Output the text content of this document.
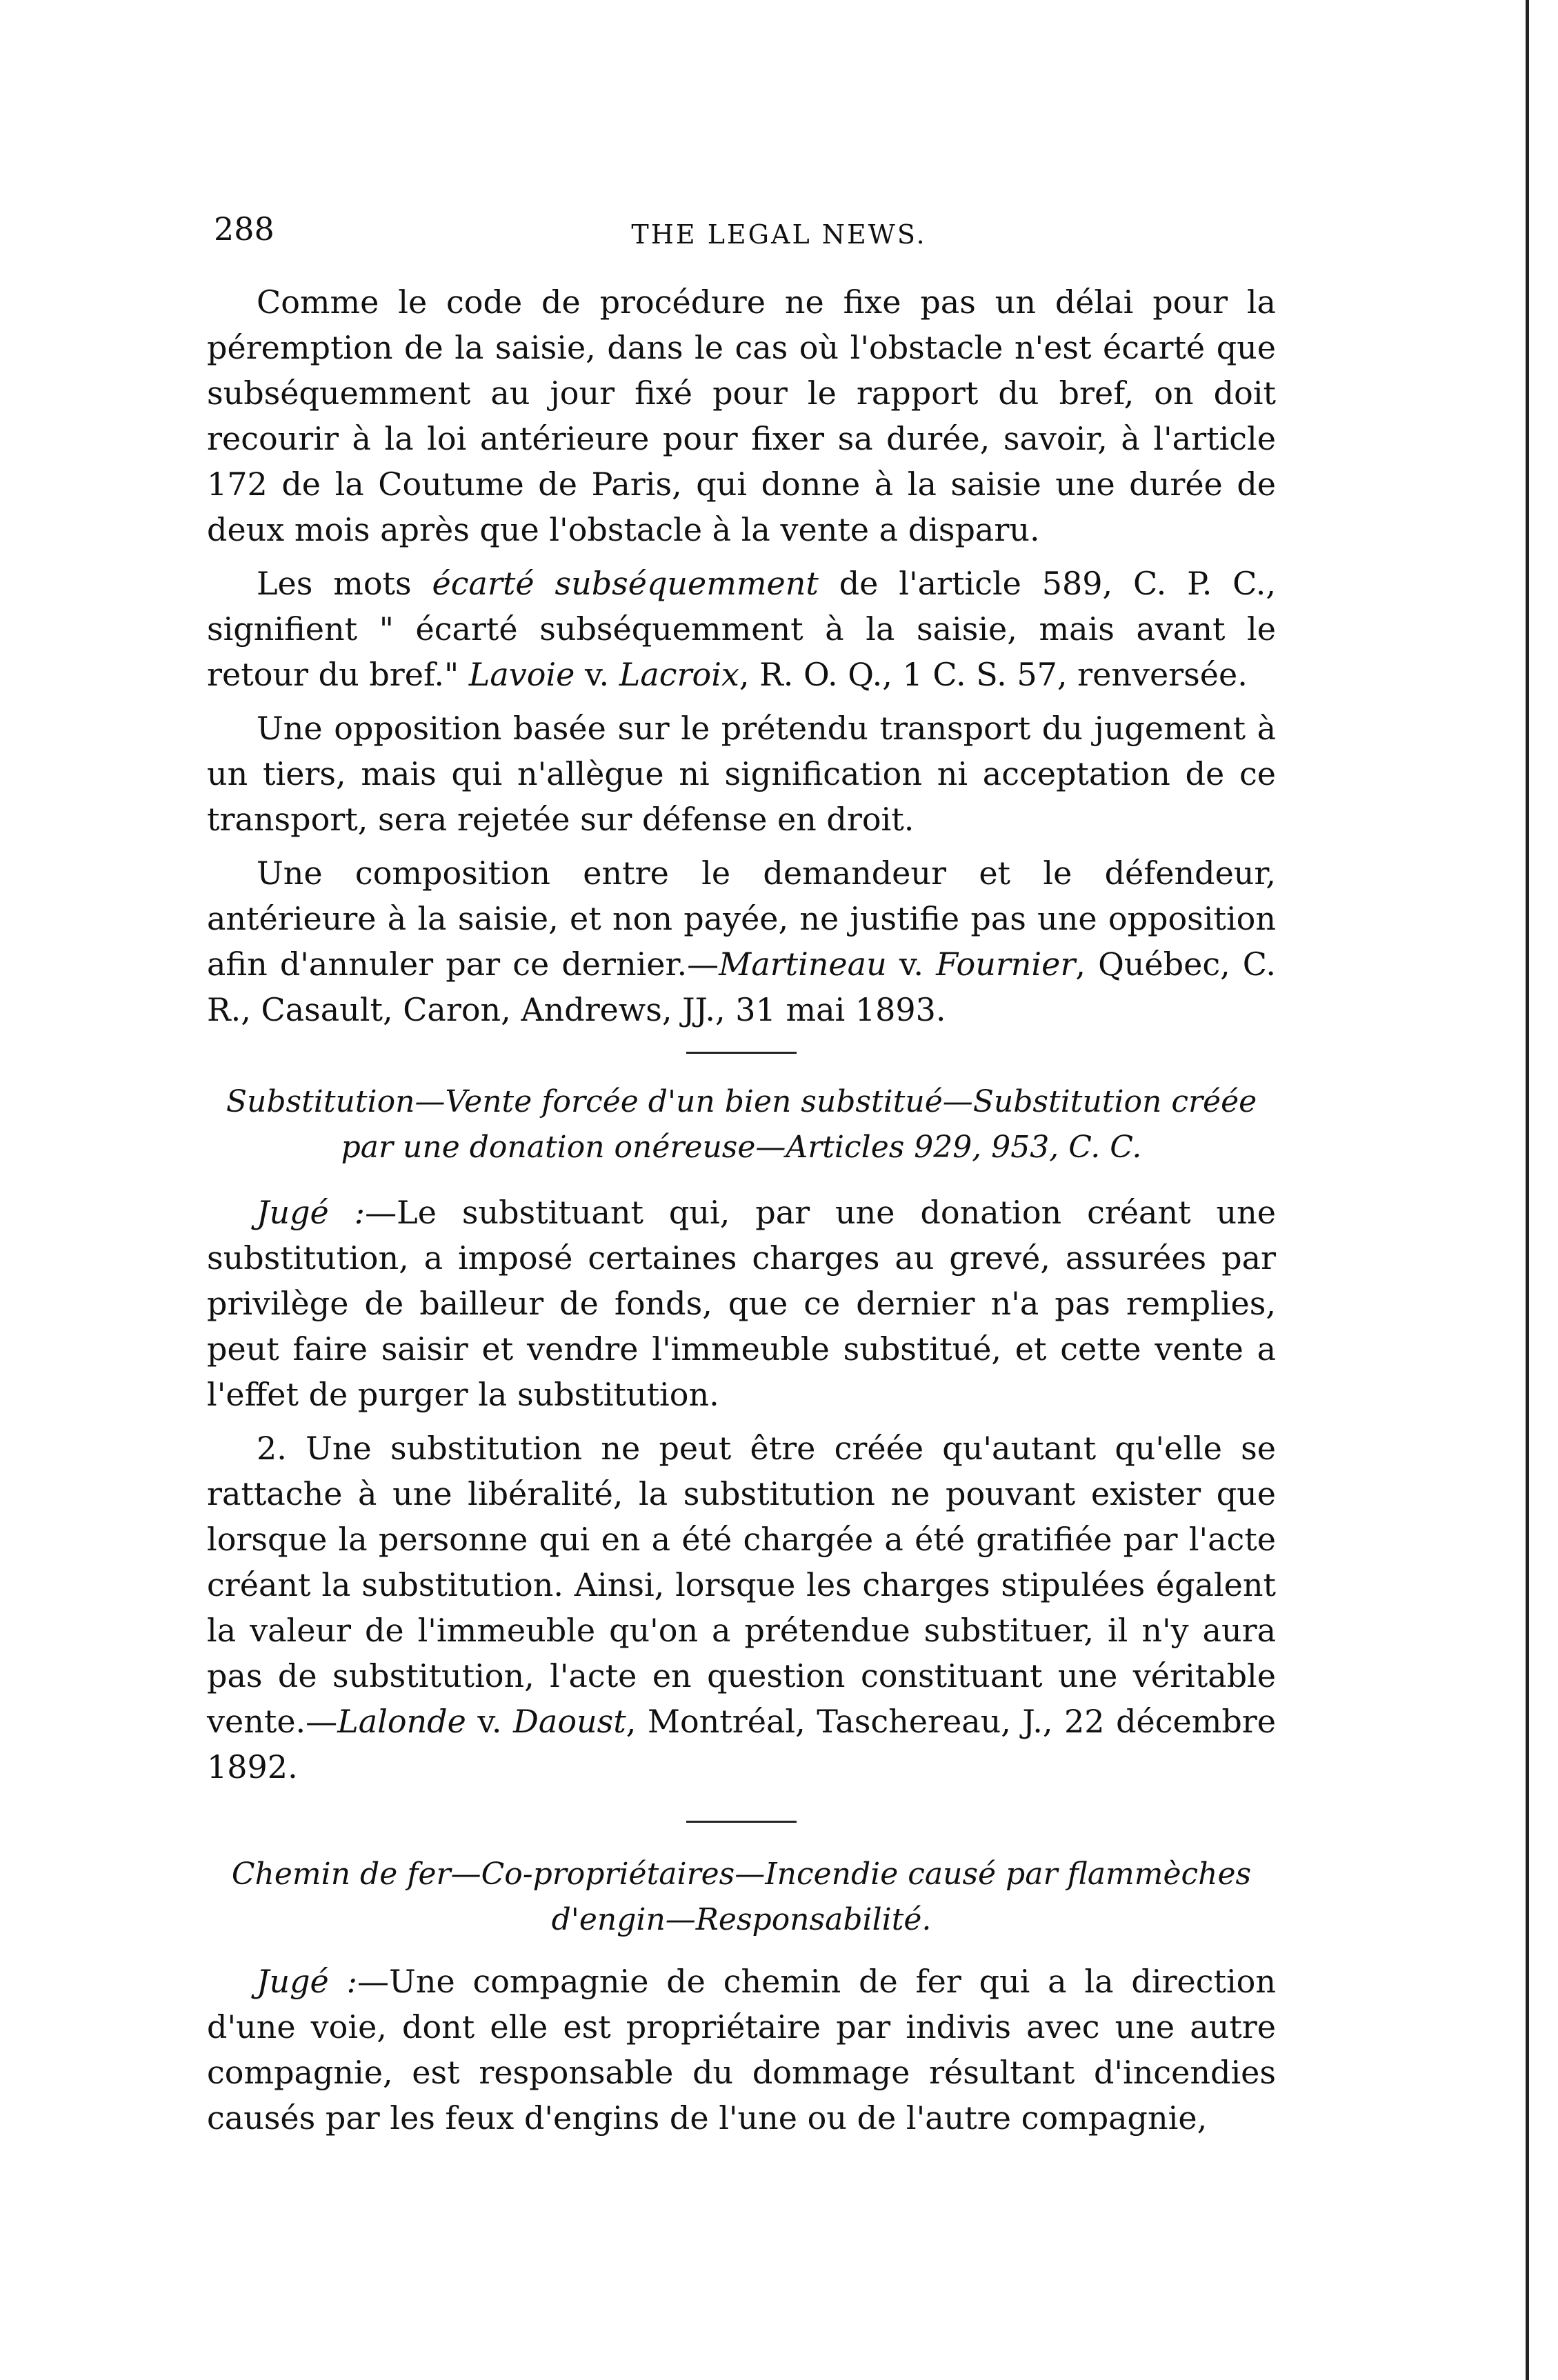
288	THE LEGAL NEWS.

Comme le code de procédure ne fixe pas un délai pour la péremption de la saisie, dans le cas où l'obstacle n'est écarté que subséquemment au jour fixé pour le rapport du bref, on doit recourir à la loi antérieure pour fixer sa durée, savoir, à l'article 172 de la Coutume de Paris, qui donne à la saisie une durée de deux mois après que l'obstacle à la vente a disparu.

Les mots écarté subséquemment de l'article 589, C. P. C., signifient " écarté subséquemment à la saisie, mais avant le retour du bref." Lavoie v. Lacroix, R. O. Q., 1 C. S. 57, renversée.

Une opposition basée sur le prétendu transport du jugement à un tiers, mais qui n'allègue ni signification ni acceptation de ce transport, sera rejetée sur défense en droit.

Une composition entre le demandeur et le défendeur, antérieure à la saisie, et non payée, ne justifie pas une opposition afin d'annuler par ce dernier.—Martineau v. Fournier, Québec, C. R., Casault, Caron, Andrews, JJ., 31 mai 1893.

Substitution—Vente forcée d'un bien substitué—Substitution créée
par une donation onéreuse—Articles 929, 953, C. C.

Jugé :—Le substituant qui, par une donation créant une substitution, a imposé certaines charges au grevé, assurées par privilège de bailleur de fonds, que ce dernier n'a pas remplies, peut faire saisir et vendre l'immeuble substitué, et cette vente a l'effet de purger la substitution.

2. Une substitution ne peut être créée qu'autant qu'elle se rattache à une libéralité, la substitution ne pouvant exister que lorsque la personne qui en a été chargée a été gratifiée par l'acte créant la substitution. Ainsi, lorsque les charges stipulées égalent la valeur de l'immeuble qu'on a prétendue substituer, il n'y aura pas de substitution, l'acte en question constituant une véritable vente.—Lalonde v. Daoust, Montréal, Taschereau, J., 22 décembre 1892.

Chemin de fer—Co-propriétaires—Incendie causé par flammèches
d'engin—Responsabilité.

Jugé :—Une compagnie de chemin de fer qui a la direction d'une voie, dont elle est propriétaire par indivis avec une autre compagnie, est responsable du dommage résultant d'incendies causés par les feux d'engins de l'une ou de l'autre compagnie,
